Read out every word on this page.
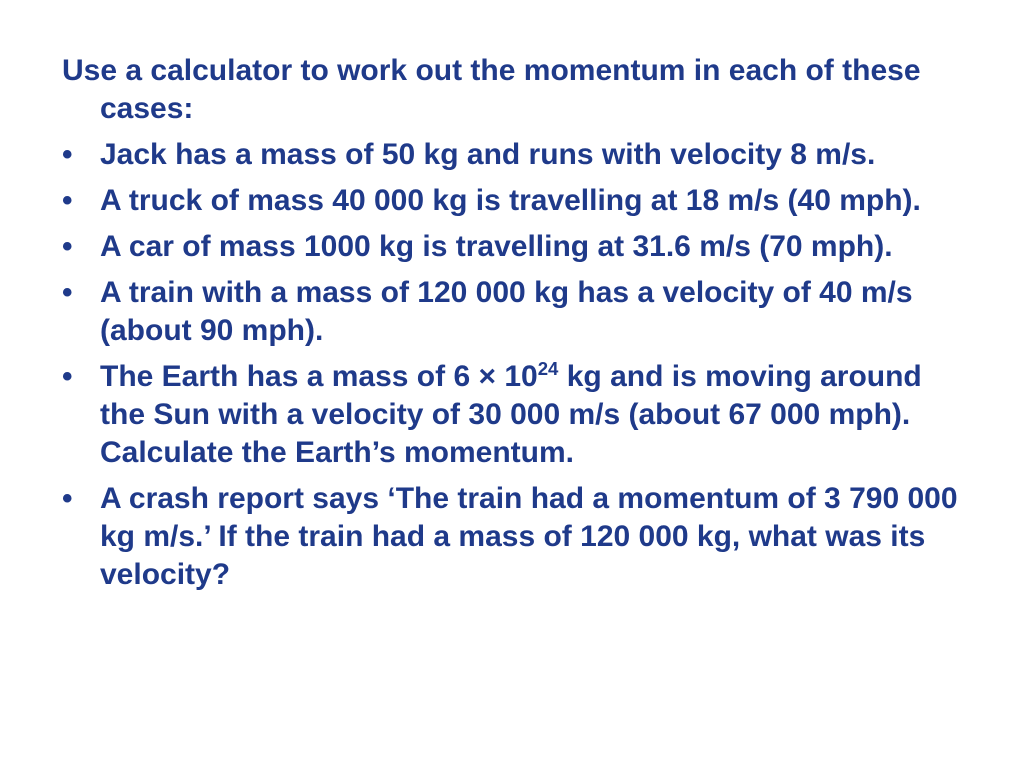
Use a calculator to work out the momentum in each of these cases:

• Jack has a mass of 50 kg and runs with velocity 8 m/s.
• A truck of mass 40 000 kg is travelling at 18 m/s (40 mph).
• A car of mass 1000 kg is travelling at 31.6 m/s (70 mph).
• A train with a mass of 120 000 kg has a velocity of 40 m/s (about 90 mph).
• The Earth has a mass of $6 \times 10^{24}$ kg and is moving around the Sun with a velocity of 30 000 m/s (about 67 000 mph). Calculate the Earth’s momentum.
• A crash report says ‘The train had a momentum of 3 790 000 kg m/s.’ If the train had a mass of 120 000 kg, what was its velocity?
